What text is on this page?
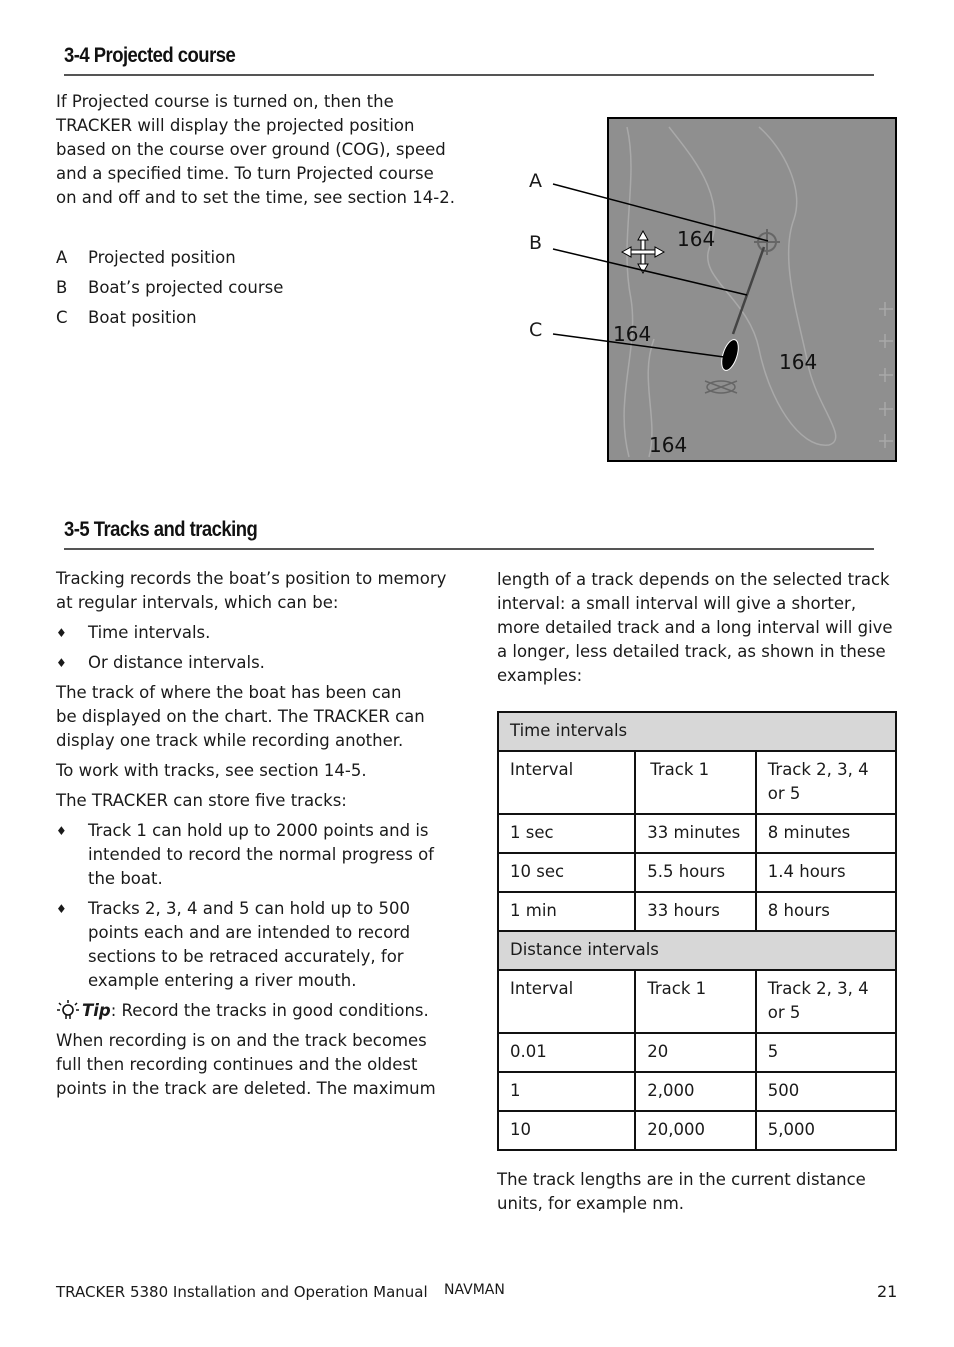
3-4 Projected course

If Projected course is turned on, then the

TRACKER will display the projected position

based on the course over ground (COG), speed

and a specified time. To turn Projected course

on and off and to set the time, see section 14-2.

A	Projected position
B	Boat’s projected course
C	Boat position
A
B
C
164
164
164
164
3-5 Tracks and tracking

Tracking records the boat’s position to memory

at regular intervals, which can be:

♦	Time intervals.
♦	Or distance intervals.

The track of where the boat has been can

be displayed on the chart. The TRACKER can

display one track while recording another.

To work with tracks, see section 14-5.

The TRACKER can store five tracks:

♦	Track 1 can hold up to 2000 points and is
intended to record the normal progress of
the boat.
♦	Tracks 2, 3, 4 and 5 can hold up to 500
points each and are intended to record
sections to be retraced accurately, for
example entering a river mouth.
Tip: Record the tracks in good conditions.

When recording is on and the track becomes

full then recording continues and the oldest

points in the track are deleted. The maximum

length of a track depends on the selected track

interval: a small interval will give a shorter,

more detailed track and a long interval will give

a longer, less detailed track, as shown in these

examples:

Time intervals		
Interval	Track 1	Track 2, 3, 4
or 5
1 sec	33 minutes	8 minutes
10 sec	5.5 hours	1.4 hours
1 min	33 hours	8 hours
Distance intervals		
Interval	Track 1	Track 2, 3, 4
or 5
0.01	20	5
1	2,000	500
10	20,000	5,000

The track lengths are in the current distance

units, for example nm.

TRACKER 5380 Installation and Operation Manual NAVMAN	21
